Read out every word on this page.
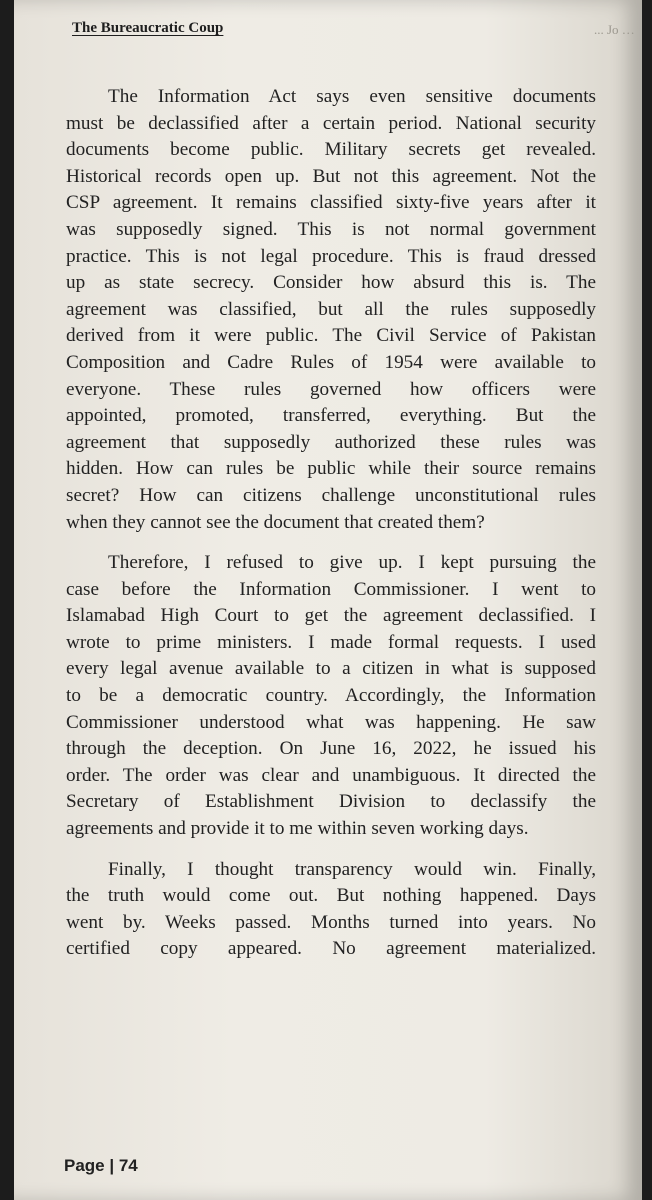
The Bureaucratic Coup	... Jo …

The Information Act says even sensitive documents
must be declassified after a certain period. National security
documents become public. Military secrets get revealed.
Historical records open up. But not this agreement. Not the
CSP agreement. It remains classified sixty-five years after it
was supposedly signed. This is not normal government
practice. This is not legal procedure. This is fraud dressed
up as state secrecy. Consider how absurd this is. The
agreement was classified, but all the rules supposedly
derived from it were public. The Civil Service of Pakistan
Composition and Cadre Rules of 1954 were available to
everyone. These rules governed how officers were
appointed, promoted, transferred, everything. But the
agreement that supposedly authorized these rules was
hidden. How can rules be public while their source remains
secret? How can citizens challenge unconstitutional rules
when they cannot see the document that created them?

Therefore, I refused to give up. I kept pursuing the
case before the Information Commissioner. I went to
Islamabad High Court to get the agreement declassified. I
wrote to prime ministers. I made formal requests. I used
every legal avenue available to a citizen in what is supposed
to be a democratic country. Accordingly, the Information
Commissioner understood what was happening. He saw
through the deception. On June 16, 2022, he issued his
order. The order was clear and unambiguous. It directed the
Secretary of Establishment Division to declassify the
agreements and provide it to me within seven working days.

Finally, I thought transparency would win. Finally,
the truth would come out. But nothing happened. Days
went by. Weeks passed. Months turned into years. No
certified copy appeared. No agreement materialized.

Page | 74
